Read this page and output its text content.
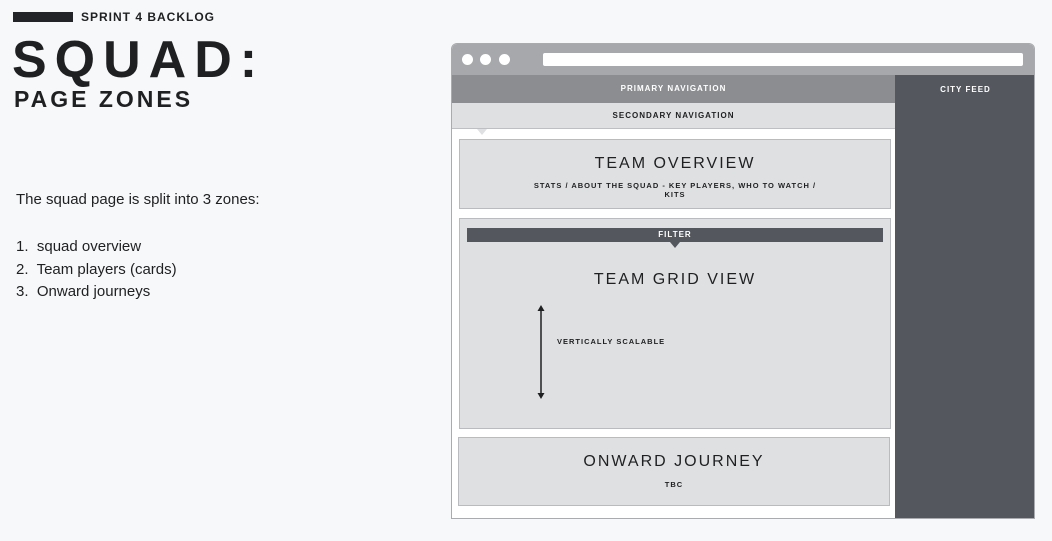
SPRINT 4 BACKLOG
SQUAD:
PAGE ZONES
The squad page is split into 3 zones:
1.  squad overview
2.  Team players (cards)
3.  Onward journeys
PRIMARY NAVIGATION
SECONDARY NAVIGATION
CITY FEED
TEAM OVERVIEW
STATS / ABOUT THE SQUAD - KEY PLAYERS, WHO TO WATCH / KITS
FILTER
TEAM GRID VIEW
VERTICALLY SCALABLE
ONWARD JOURNEY
TBC
